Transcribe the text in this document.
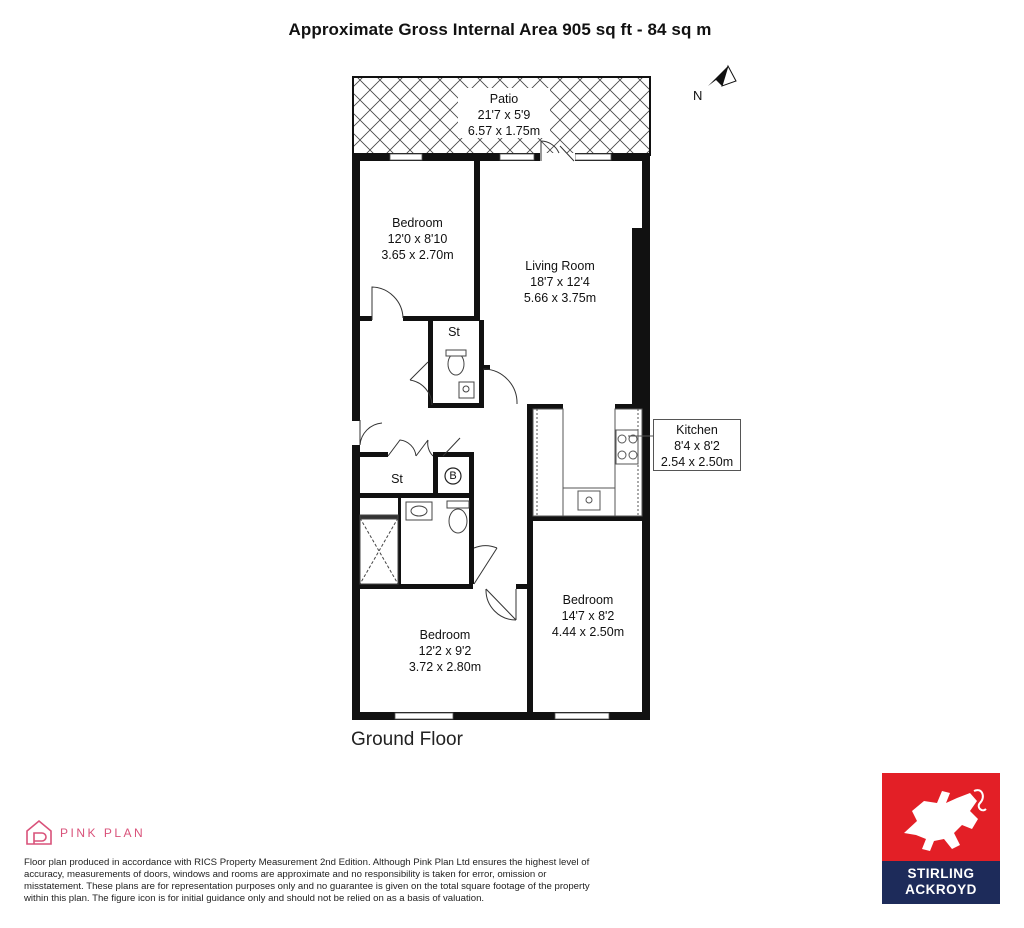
Approximate Gross Internal Area 905 sq ft - 84 sq m
N
Patio
21'7 x 5'9
6.57 x 1.75m
Bedroom
12'0 x 8'10
3.65 x 2.70m
Living Room
18'7 x 12'4
5.66 x 3.75m
Kitchen
8'4 x 8'2
2.54 x 2.50m
Bedroom
14'7 x 8'2
4.44 x 2.50m
Bedroom
12'2 x 9'2
3.72 x 2.80m
St
St	B
Ground Floor
PINK PLAN
Floor plan produced in accordance with RICS Property Measurement 2nd Edition. Although Pink Plan Ltd ensures the highest level of accuracy, measurements of doors, windows and rooms are approximate and no responsibility is taken for error, omission or misstatement. These plans are for representation purposes only and no guarantee is given on the total square footage of the property within this plan. The figure icon is for initial guidance only and should not be relied on as a basis of valuation.
STIRLING
ACKROYD
